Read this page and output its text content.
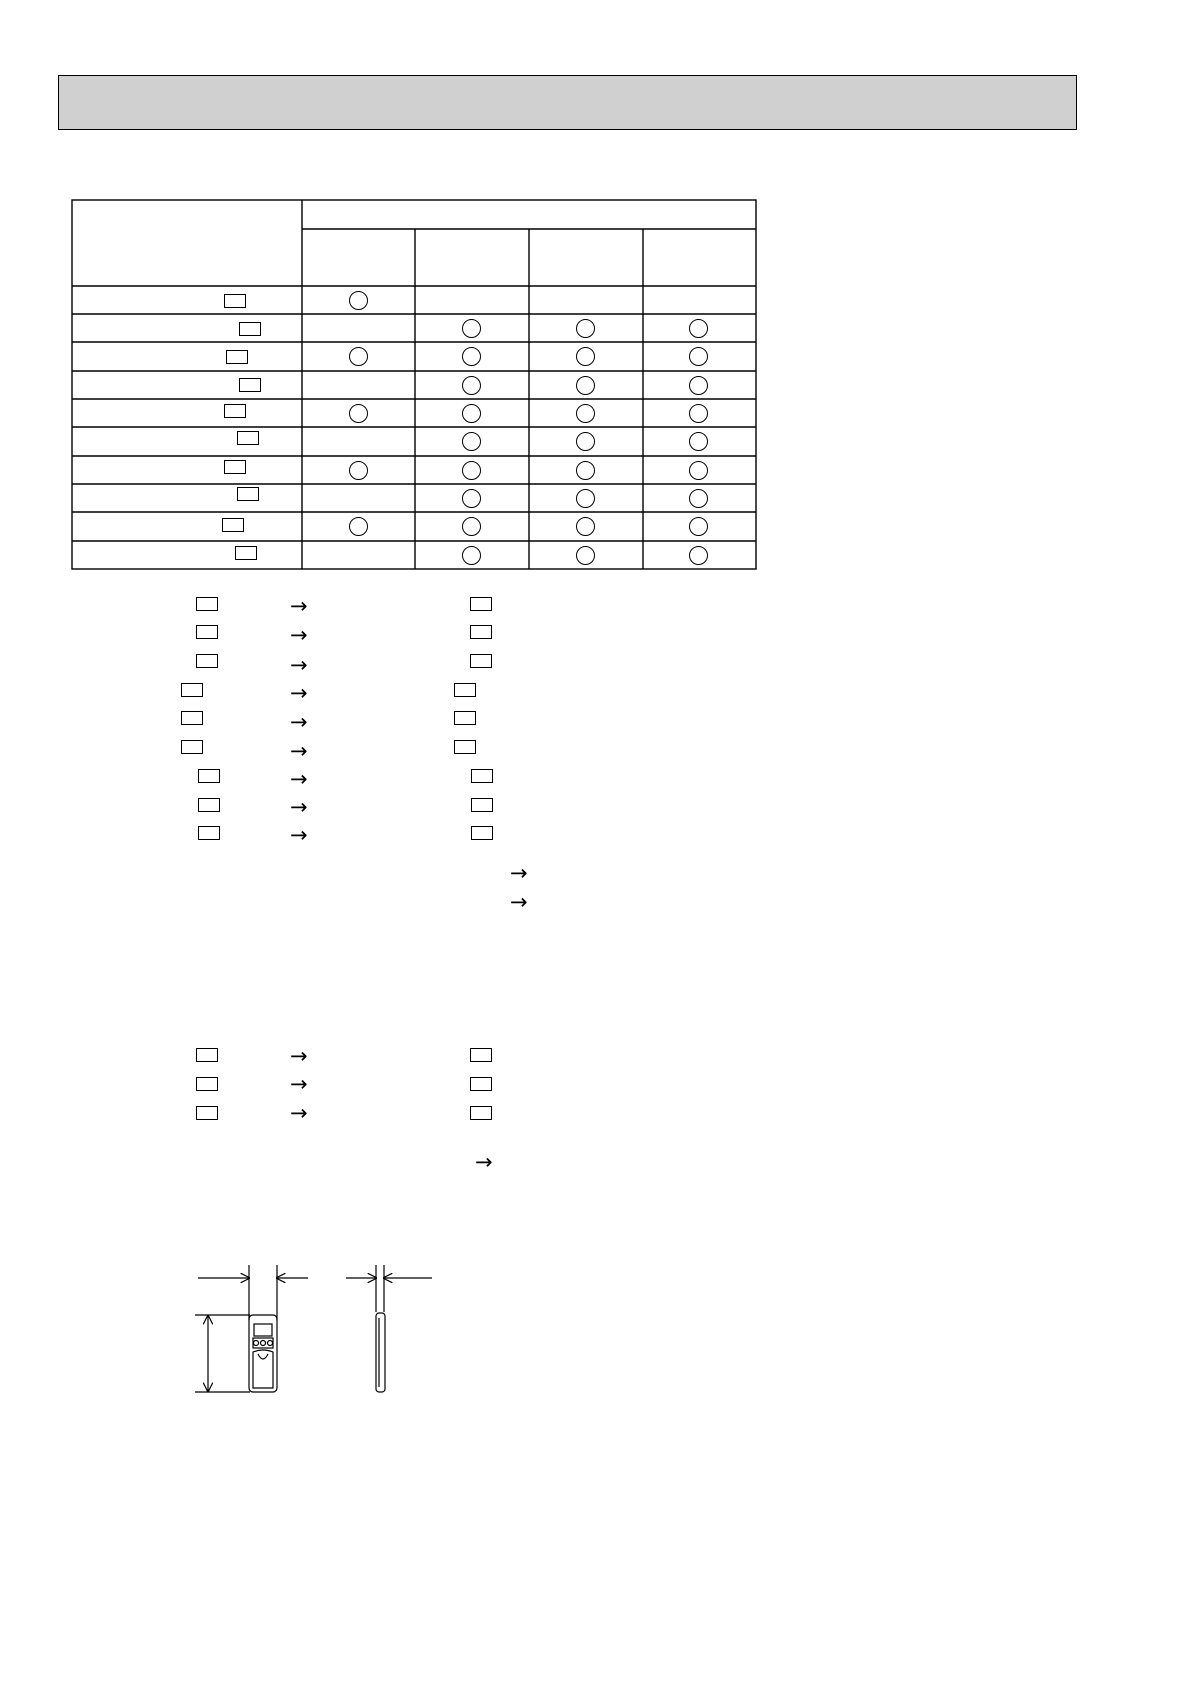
→
→
→
→
→
→
→
→
→
→
→
→
→
→
→
